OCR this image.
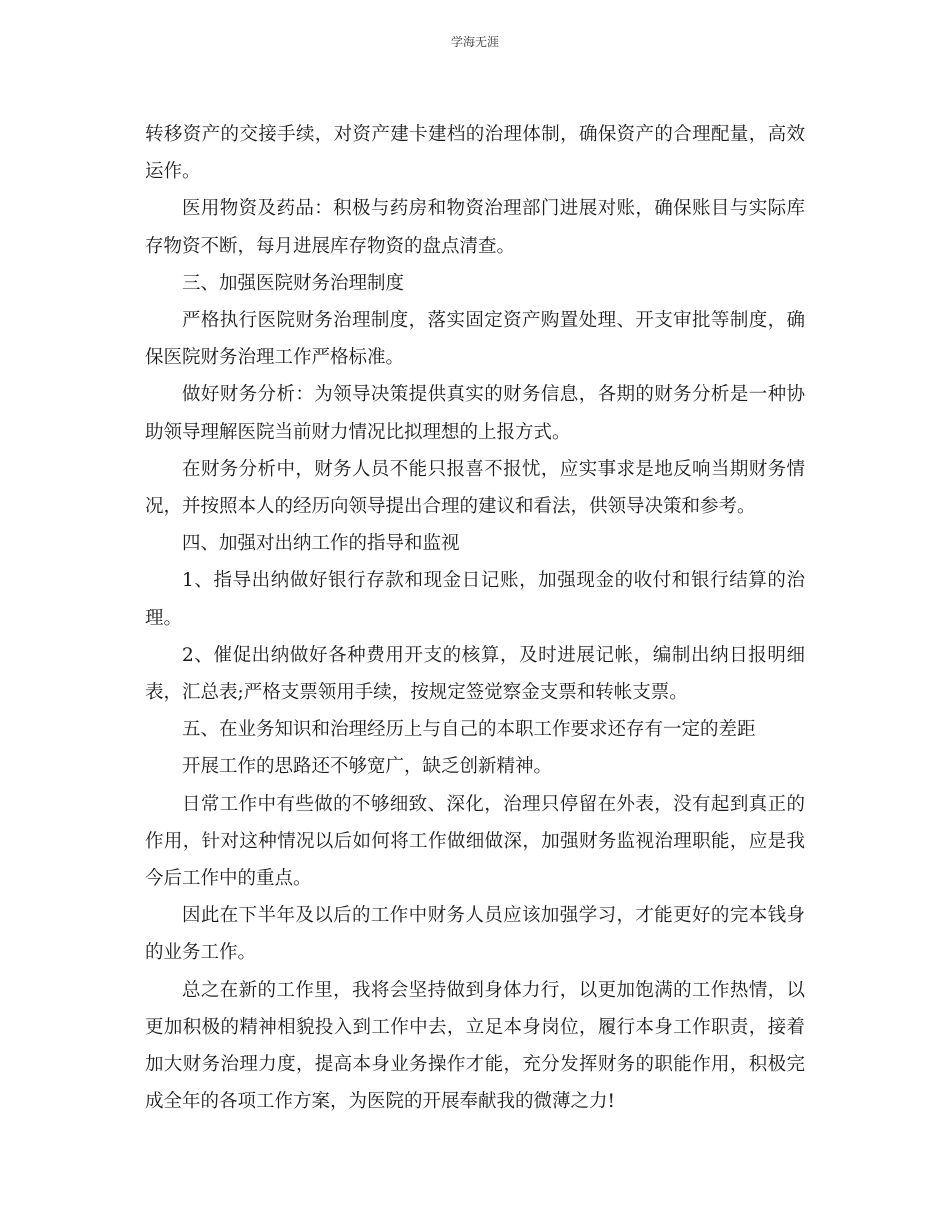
学海无涯

转移资产的交接手续，对资产建卡建档的治理体制，确保资产的合理配量，高效运作。

医用物资及药品：积极与药房和物资治理部门进展对账，确保账目与实际库存物资不断，每月进展库存物资的盘点清查。

三、加强医院财务治理制度

严格执行医院财务治理制度，落实固定资产购置处理、开支审批等制度，确保医院财务治理工作严格标准。

做好财务分析：为领导决策提供真实的财务信息，各期的财务分析是一种协助领导理解医院当前财力情况比拟理想的上报方式。

在财务分析中，财务人员不能只报喜不报忧，应实事求是地反响当期财务情况，并按照本人的经历向领导提出合理的建议和看法，供领导决策和参考。

四、加强对出纳工作的指导和监视

1、指导出纳做好银行存款和现金日记账，加强现金的收付和银行结算的治理。

2、催促出纳做好各种费用开支的核算，及时进展记帐，编制出纳日报明细表，汇总表;严格支票领用手续，按规定签觉察金支票和转帐支票。

五、在业务知识和治理经历上与自己的本职工作要求还存有一定的差距

开展工作的思路还不够宽广，缺乏创新精神。

日常工作中有些做的不够细致、深化，治理只停留在外表，没有起到真正的作用，针对这种情况以后如何将工作做细做深，加强财务监视治理职能，应是我今后工作中的重点。

因此在下半年及以后的工作中财务人员应该加强学习，才能更好的完本钱身的业务工作。

总之在新的工作里，我将会坚持做到身体力行，以更加饱满的工作热情，以更加积极的精神相貌投入到工作中去，立足本身岗位，履行本身工作职责，接着加大财务治理力度，提高本身业务操作才能，充分发挥财务的职能作用，积极完成全年的各项工作方案，为医院的开展奉献我的微薄之力!
